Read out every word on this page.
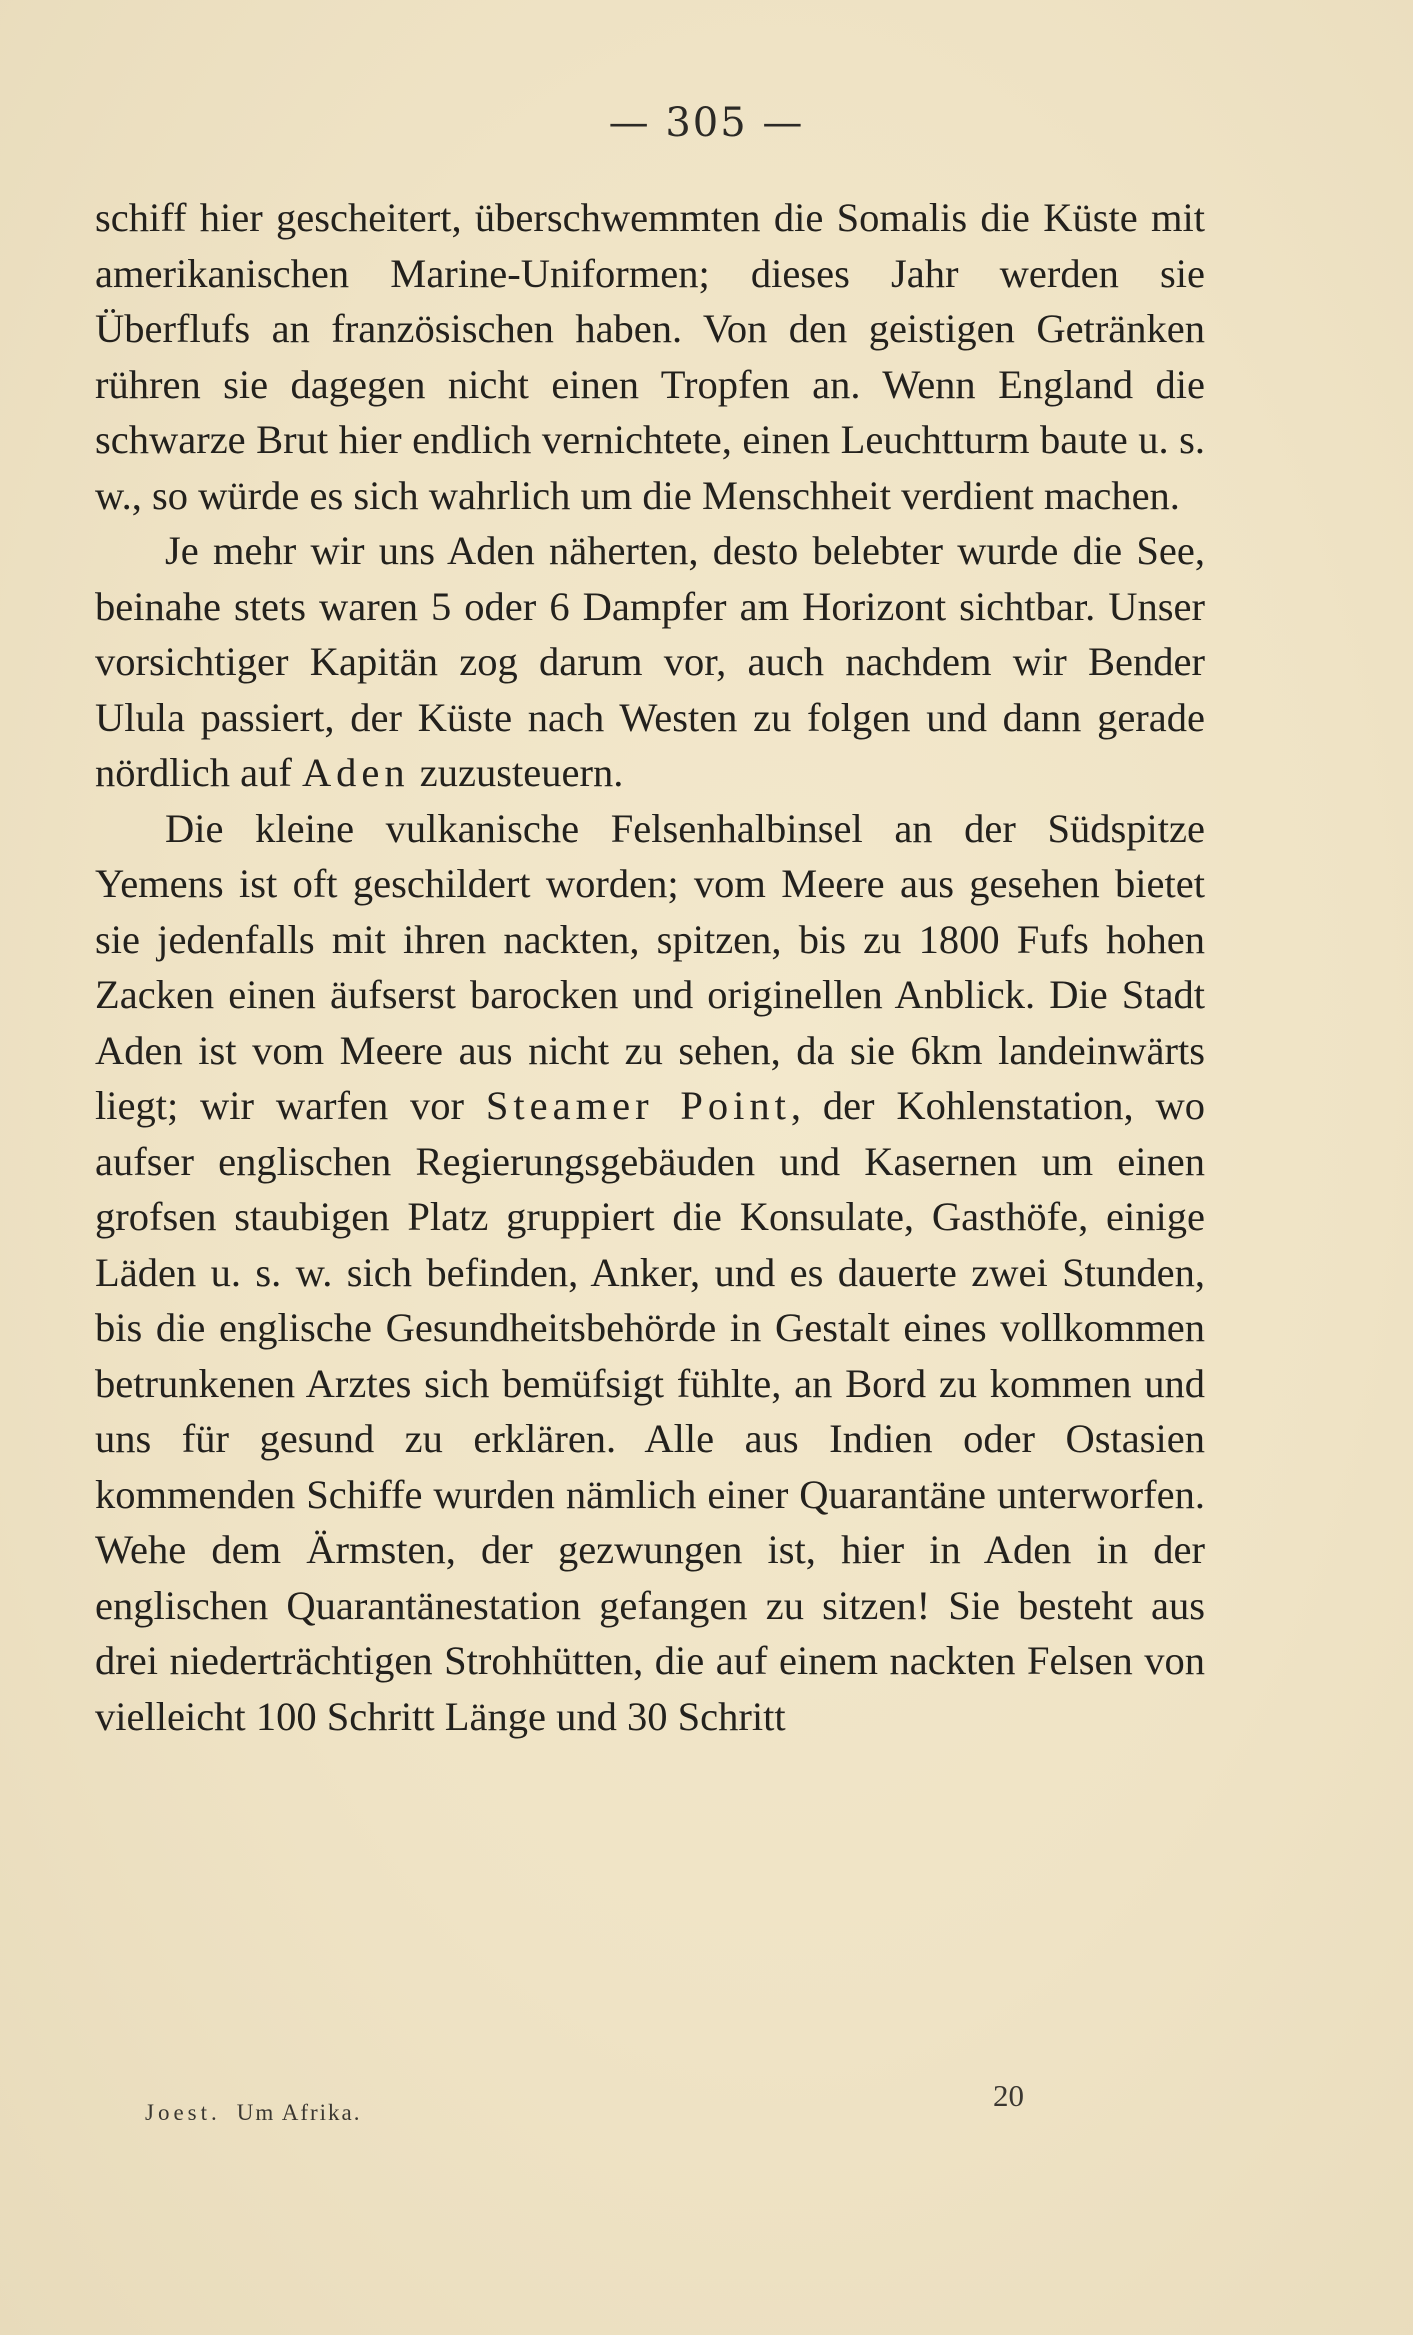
— 305 —

schiff hier gescheitert, überschwemmten die Somalis die Küste mit amerikanischen Marine-Uniformen; dieses Jahr werden sie Überflufs an französischen haben. Von den geistigen Getränken rühren sie dagegen nicht einen Tropfen an. Wenn England die schwarze Brut hier endlich vernichtete, einen Leuchtturm baute u. s. w., so würde es sich wahrlich um die Menschheit verdient machen.

Je mehr wir uns Aden näherten, desto belebter wurde die See, beinahe stets waren 5 oder 6 Dampfer am Horizont sichtbar. Unser vorsichtiger Kapitän zog darum vor, auch nachdem wir Bender Ulula passiert, der Küste nach Westen zu folgen und dann gerade nördlich auf Aden zuzusteuern.

Die kleine vulkanische Felsenhalbinsel an der Südspitze Yemens ist oft geschildert worden; vom Meere aus gesehen bietet sie jedenfalls mit ihren nackten, spitzen, bis zu 1800 Fufs hohen Zacken einen äufserst barocken und originellen Anblick. Die Stadt Aden ist vom Meere aus nicht zu sehen, da sie 6km landeinwärts liegt; wir warfen vor Steamer Point, der Kohlenstation, wo aufser englischen Regierungsgebäuden und Kasernen um einen grofsen staubigen Platz gruppiert die Konsulate, Gasthöfe, einige Läden u. s. w. sich befinden, Anker, und es dauerte zwei Stunden, bis die englische Gesundheitsbehörde in Gestalt eines vollkommen betrunkenen Arztes sich bemüfsigt fühlte, an Bord zu kommen und uns für gesund zu erklären. Alle aus Indien oder Ostasien kommenden Schiffe wurden nämlich einer Quarantäne unterworfen. Wehe dem Ärmsten, der gezwungen ist, hier in Aden in der englischen Quarantänestation gefangen zu sitzen! Sie besteht aus drei niederträchtigen Strohhütten, die auf einem nackten Felsen von vielleicht 100 Schritt Länge und 30 Schritt

Joest. Um Afrika.	20
